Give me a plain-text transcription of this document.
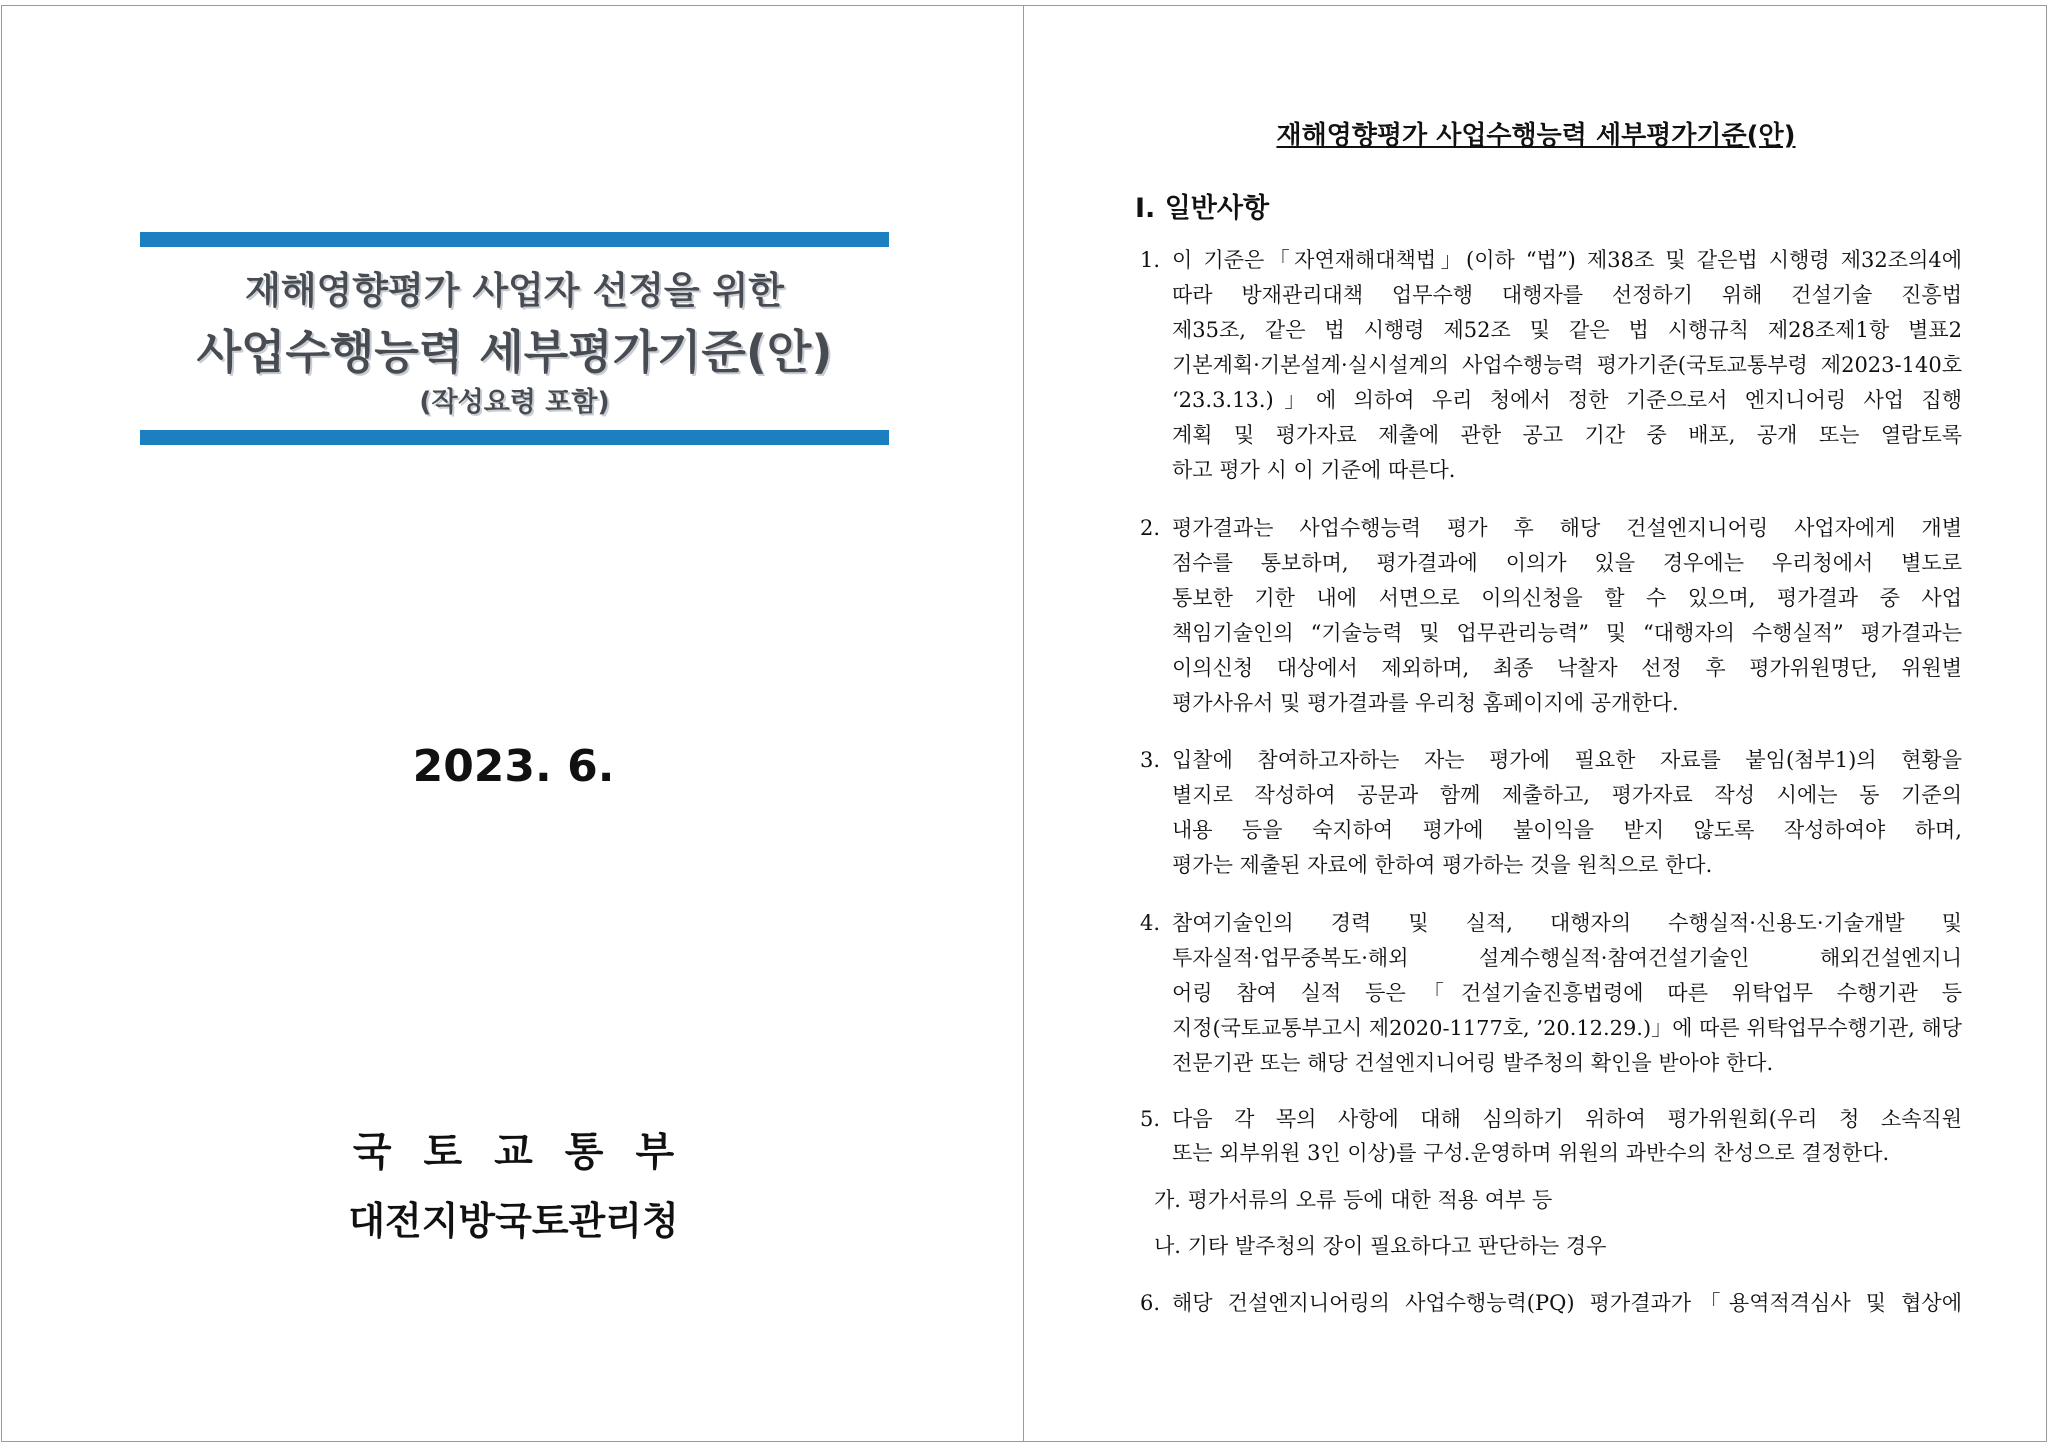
재해영향평가 사업자 선정을 위한
사업수행능력 세부평가기준(안)
(작성요령 포함)
2023. 6.
국토교통부
대전지방국토관리청
재해영향평가 사업수행능력 세부평가기준(안)
Ⅰ. 일반사항
1. 이 기준은「자연재해대책법」(이하 “법”) 제38조 및 같은법 시행령 제32조의4에
따라 방재관리대책 업무수행 대행자를 선정하기 위해 건설기술 진흥법
제35조, 같은 법 시행령 제52조 및 같은 법 시행규칙 제28조제1항 별표2
기본계획·기본설계·실시설계의 사업수행능력 평가기준(국토교통부령 제2023-140호
‘23.3.13.)」에 의하여 우리 청에서 정한 기준으로서 엔지니어링 사업 집행
계획 및 평가자료 제출에 관한 공고 기간 중 배포, 공개 또는 열람토록
하고 평가 시 이 기준에 따른다.
2. 평가결과는 사업수행능력 평가 후 해당 건설엔지니어링 사업자에게 개별
점수를 통보하며, 평가결과에 이의가 있을 경우에는 우리청에서 별도로
통보한 기한 내에 서면으로 이의신청을 할 수 있으며, 평가결과 중 사업
책임기술인의 “기술능력 및 업무관리능력” 및 “대행자의 수행실적” 평가결과는
이의신청 대상에서 제외하며, 최종 낙찰자 선정 후 평가위원명단, 위원별
평가사유서 및 평가결과를 우리청 홈페이지에 공개한다.
3. 입찰에 참여하고자하는 자는 평가에 필요한 자료를 붙임(첨부1)의 현황을
별지로 작성하여 공문과 함께 제출하고, 평가자료 작성 시에는 동 기준의
내용 등을 숙지하여 평가에 불이익을 받지 않도록 작성하여야 하며,
평가는 제출된 자료에 한하여 평가하는 것을 원칙으로 한다.
4. 참여기술인의 경력 및 실적, 대행자의 수행실적·신용도·기술개발 및
투자실적·업무중복도·해외 설계수행실적·참여건설기술인 해외건설엔지니
어링 참여 실적 등은「건설기술진흥법령에 따른 위탁업무 수행기관 등
지정(국토교통부고시 제2020-1177호, ’20.12.29.)」에 따른 위탁업무수행기관, 해당
전문기관 또는 해당 건설엔지니어링 발주청의 확인을 받아야 한다.
5. 다음 각 목의 사항에 대해 심의하기 위하여 평가위원회(우리 청 소속직원
또는 외부위원 3인 이상)를 구성.운영하며 위원의 과반수의 찬성으로 결정한다.
가. 평가서류의 오류 등에 대한 적용 여부 등
나. 기타 발주청의 장이 필요하다고 판단하는 경우
6. 해당 건설엔지니어링의 사업수행능력(PQ) 평가결과가「용역적격심사 및 협상에
